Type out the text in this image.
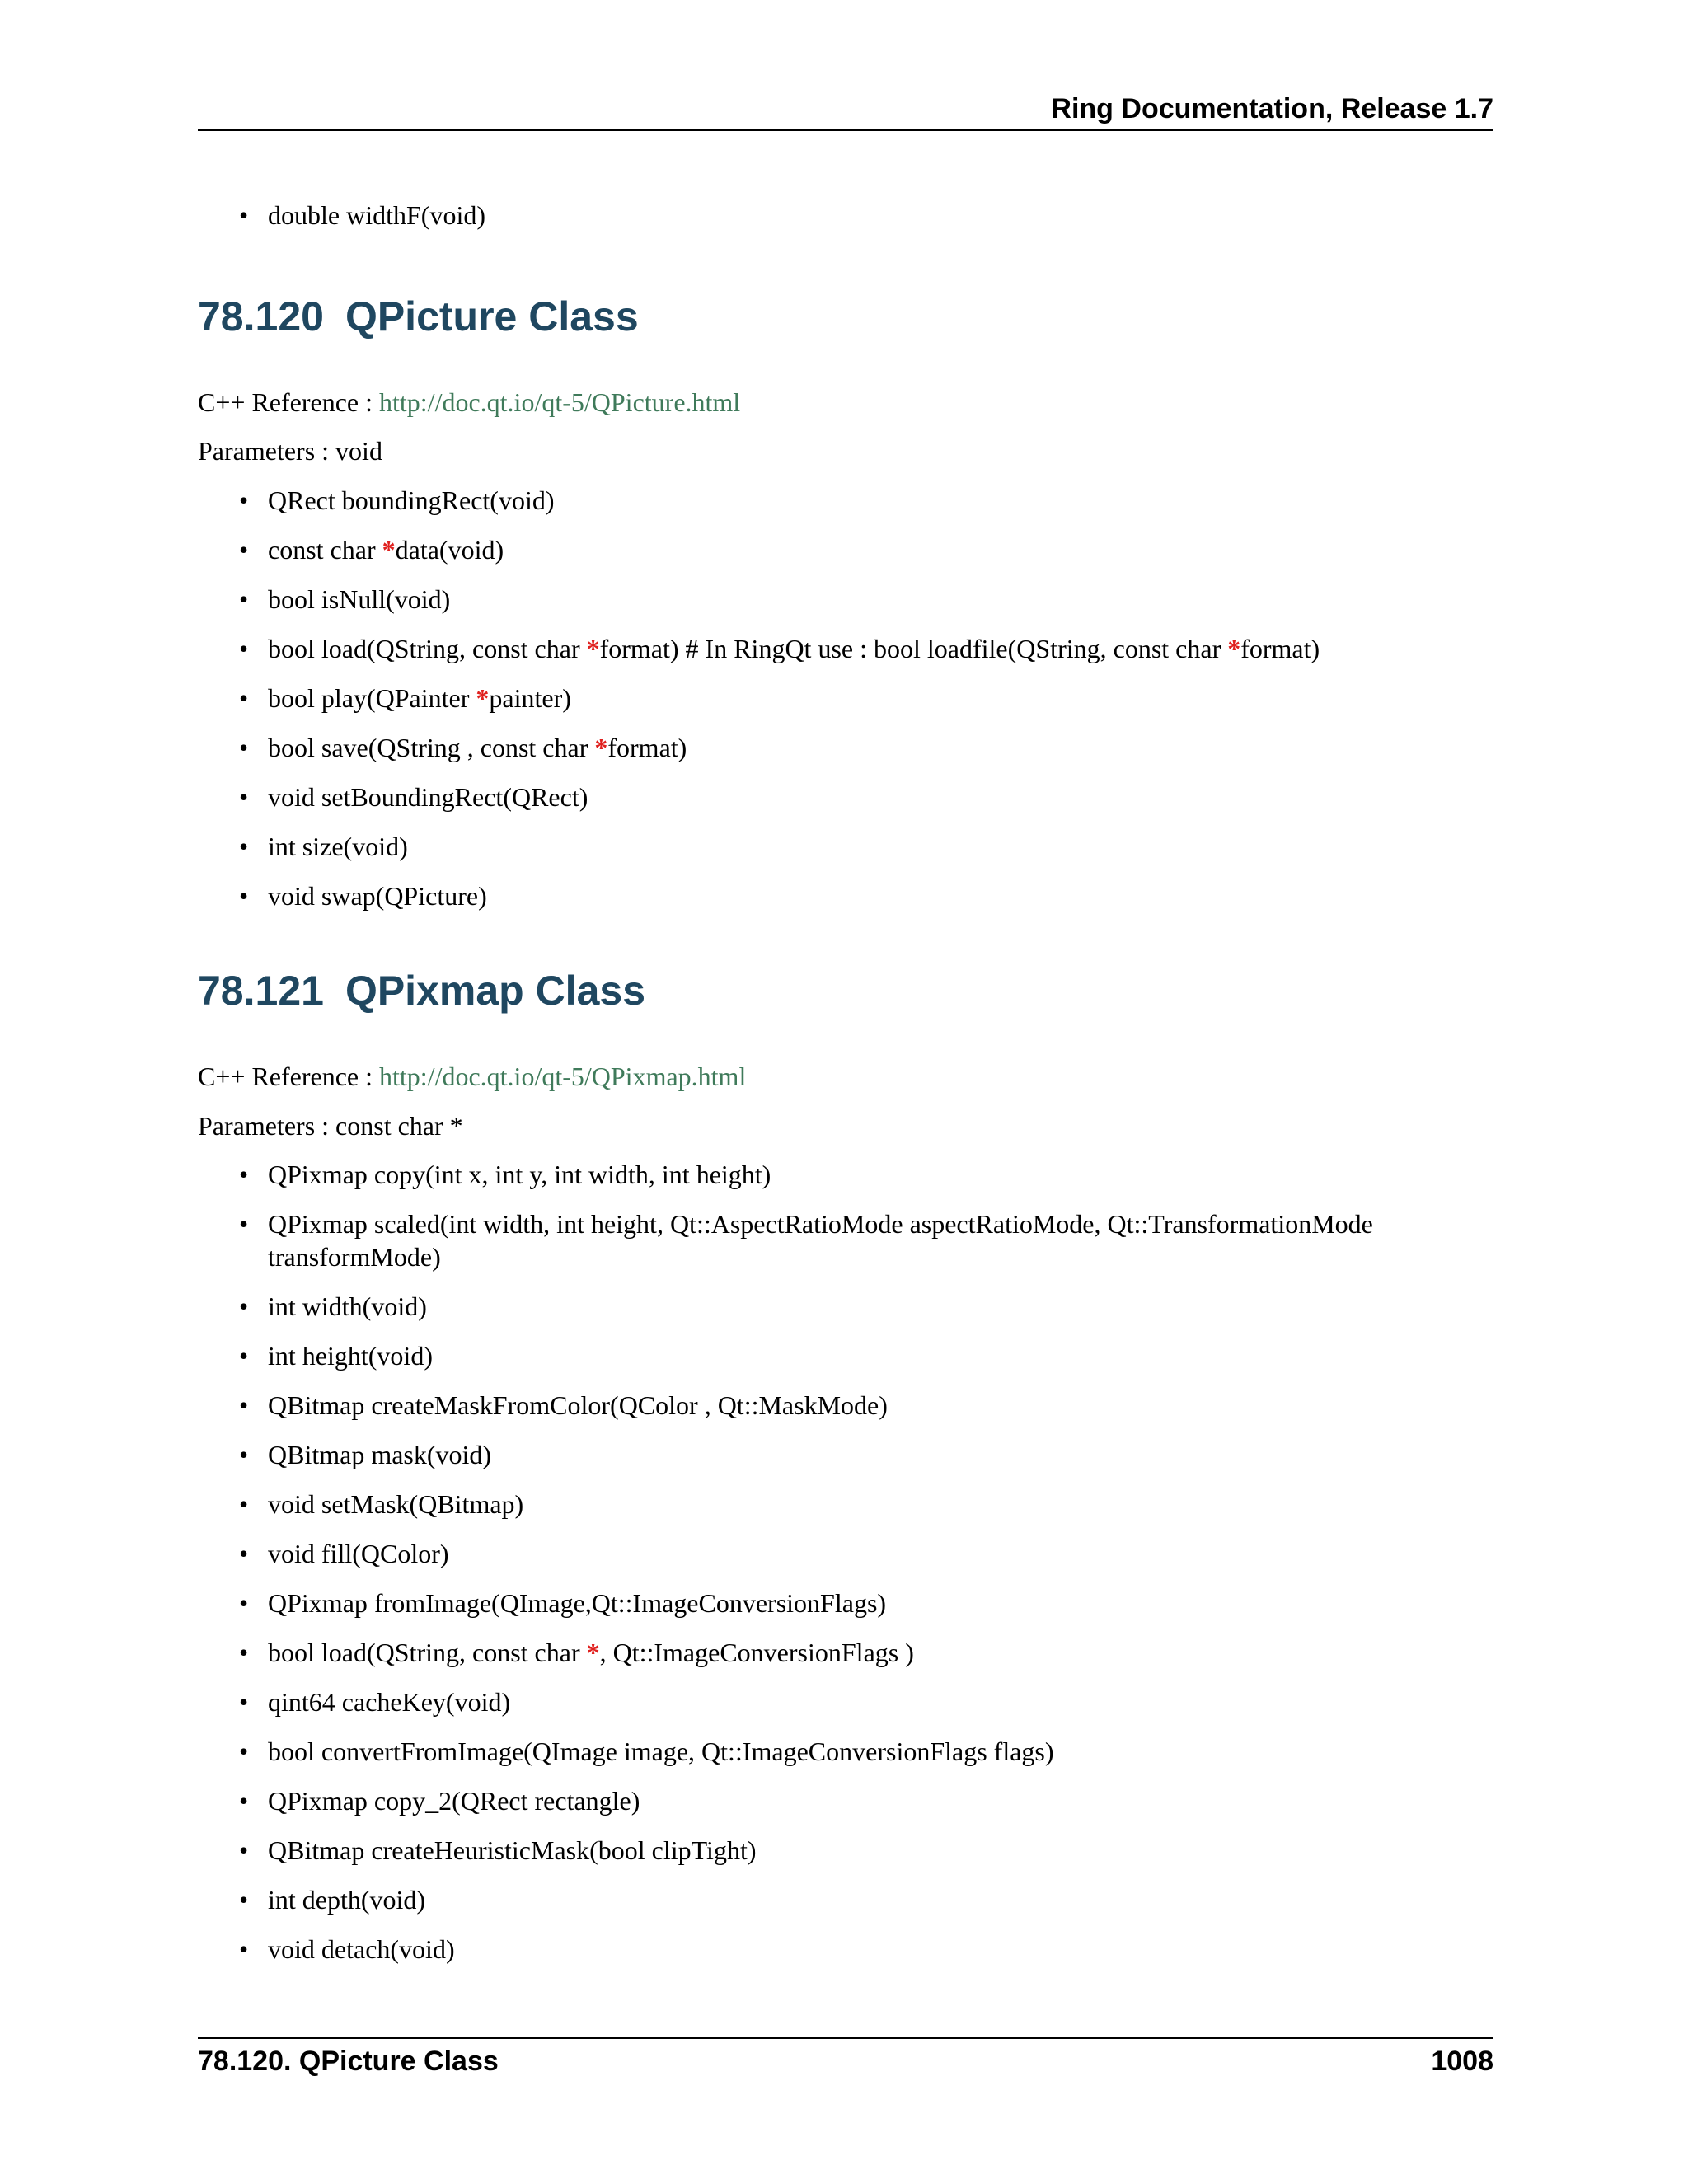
Ring Documentation, Release 1.7
• double widthF(void)
78.120 QPicture Class
C++ Reference : http://doc.qt.io/qt-5/QPicture.html
Parameters : void
• QRect boundingRect(void)
• const char *data(void)
• bool isNull(void)
• bool load(QString, const char *format) # In RingQt use : bool loadfile(QString, const char *format)
• bool play(QPainter *painter)
• bool save(QString , const char *format)
• void setBoundingRect(QRect)
• int size(void)
• void swap(QPicture)
78.121 QPixmap Class
C++ Reference : http://doc.qt.io/qt-5/QPixmap.html
Parameters : const char *
• QPixmap copy(int x, int y, int width, int height)
• QPixmap scaled(int width, int height, Qt::AspectRatioMode aspectRatioMode, Qt::TransformationMode transformMode)
• int width(void)
• int height(void)
• QBitmap createMaskFromColor(QColor , Qt::MaskMode)
• QBitmap mask(void)
• void setMask(QBitmap)
• void fill(QColor)
• QPixmap fromImage(QImage,Qt::ImageConversionFlags)
• bool load(QString, const char *, Qt::ImageConversionFlags )
• qint64 cacheKey(void)
• bool convertFromImage(QImage image, Qt::ImageConversionFlags flags)
• QPixmap copy_2(QRect rectangle)
• QBitmap createHeuristicMask(bool clipTight)
• int depth(void)
• void detach(void)
78.120. QPicture Class	1008
